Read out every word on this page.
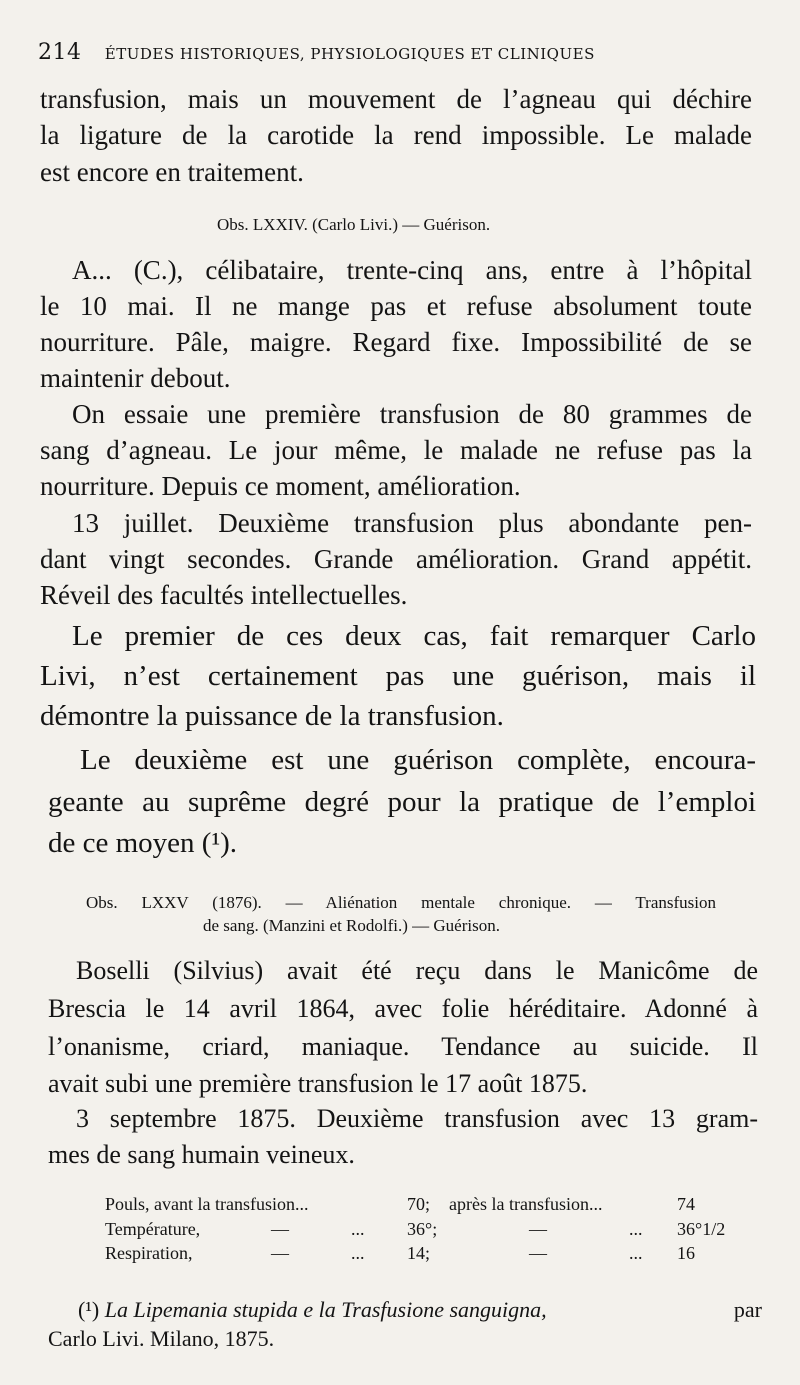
214 ÉTUDES HISTORIQUES, PHYSIOLOGIQUES ET CLINIQUES
transfusion, mais un mouvement de l’agneau qui déchire
la ligature de la carotide la rend impossible. Le malade
est encore en traitement.
Obs. LXXIV. (Carlo Livi.) — Guérison.
A... (C.), célibataire, trente-cinq ans, entre à l’hôpital
le 10 mai. Il ne mange pas et refuse absolument toute
nourriture. Pâle, maigre. Regard fixe. Impossibilité de se
maintenir debout.
On essaie une première transfusion de 80 grammes de
sang d’agneau. Le jour même, le malade ne refuse pas la
nourriture. Depuis ce moment, amélioration.
13 juillet. Deuxième transfusion plus abondante pen-
dant vingt secondes. Grande amélioration. Grand appétit.
Réveil des facultés intellectuelles.
Le premier de ces deux cas, fait remarquer Carlo
Livi, n’est certainement pas une guérison, mais il
démontre la puissance de la transfusion.
Le deuxième est une guérison complète, encoura-
geante au suprême degré pour la pratique de l’emploi
de ce moyen (¹).
Obs. LXXV (1876). — Aliénation mentale chronique. — Transfusion
de sang. (Manzini et Rodolfi.) — Guérison.
Boselli (Silvius) avait été reçu dans le Manicôme de
Brescia le 14 avril 1864, avec folie héréditaire. Adonné à
l’onanisme, criard, maniaque. Tendance au suicide. Il
avait subi une première transfusion le 17 août 1875.
3 septembre 1875. Deuxième transfusion avec 13 gram-
mes de sang humain veineux.
Pouls, avant la transfusion...	70; après la transfusion...	74
Température,	—	... 36°;	—	... 36°1/2
Respiration,	—	... 14;	—	... 16
(¹) La Lipemania stupida e la Trasfusione sanguigna,	par
Carlo Livi. Milano, 1875.
